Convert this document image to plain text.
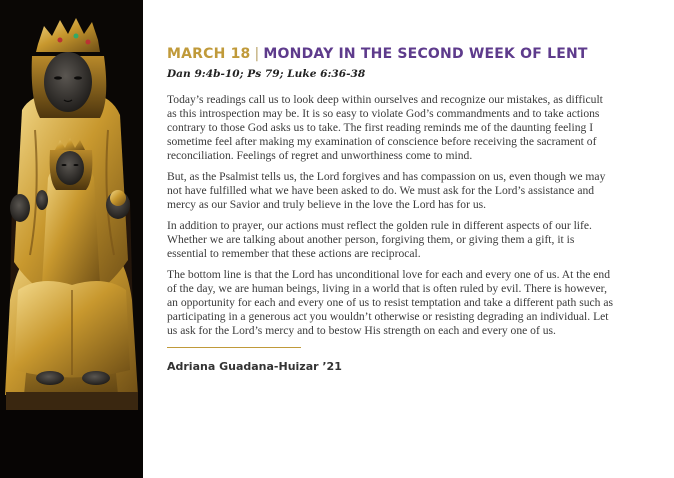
MARCH 18 | MONDAY IN THE SECOND WEEK OF LENT
Dan 9:4b-10; Ps 79; Luke 6:36-38

Today’s readings call us to look deep within ourselves and recognize our mistakes, as difficult as this introspection may be. It is so easy to violate God’s commandments and to take actions contrary to those God asks us to take. The first reading reminds me of the daunting feeling I sometime feel after making my examination of conscience before receiving the sacrament of reconciliation. Feelings of regret and unworthiness come to mind.

But, as the Psalmist tells us, the Lord forgives and has compassion on us, even though we may not have fulfilled what we have been asked to do. We must ask for the Lord’s assistance and mercy as our Savior and truly believe in the love the Lord has for us.

In addition to prayer, our actions must reflect the golden rule in different aspects of our life. Whether we are talking about another person, forgiving them, or giving them a gift, it is essential to remember that these actions are reciprocal.

The bottom line is that the Lord has unconditional love for each and every one of us. At the end of the day, we are human beings, living in a world that is often ruled by evil. There is however, an opportunity for each and every one of us to resist temptation and take a different path such as participating in a generous act you wouldn’t otherwise or resisting degrading an individual. Let us ask for the Lord’s mercy and to bestow His strength on each and every one of us.

Adriana Guadana-Huizar ’21
